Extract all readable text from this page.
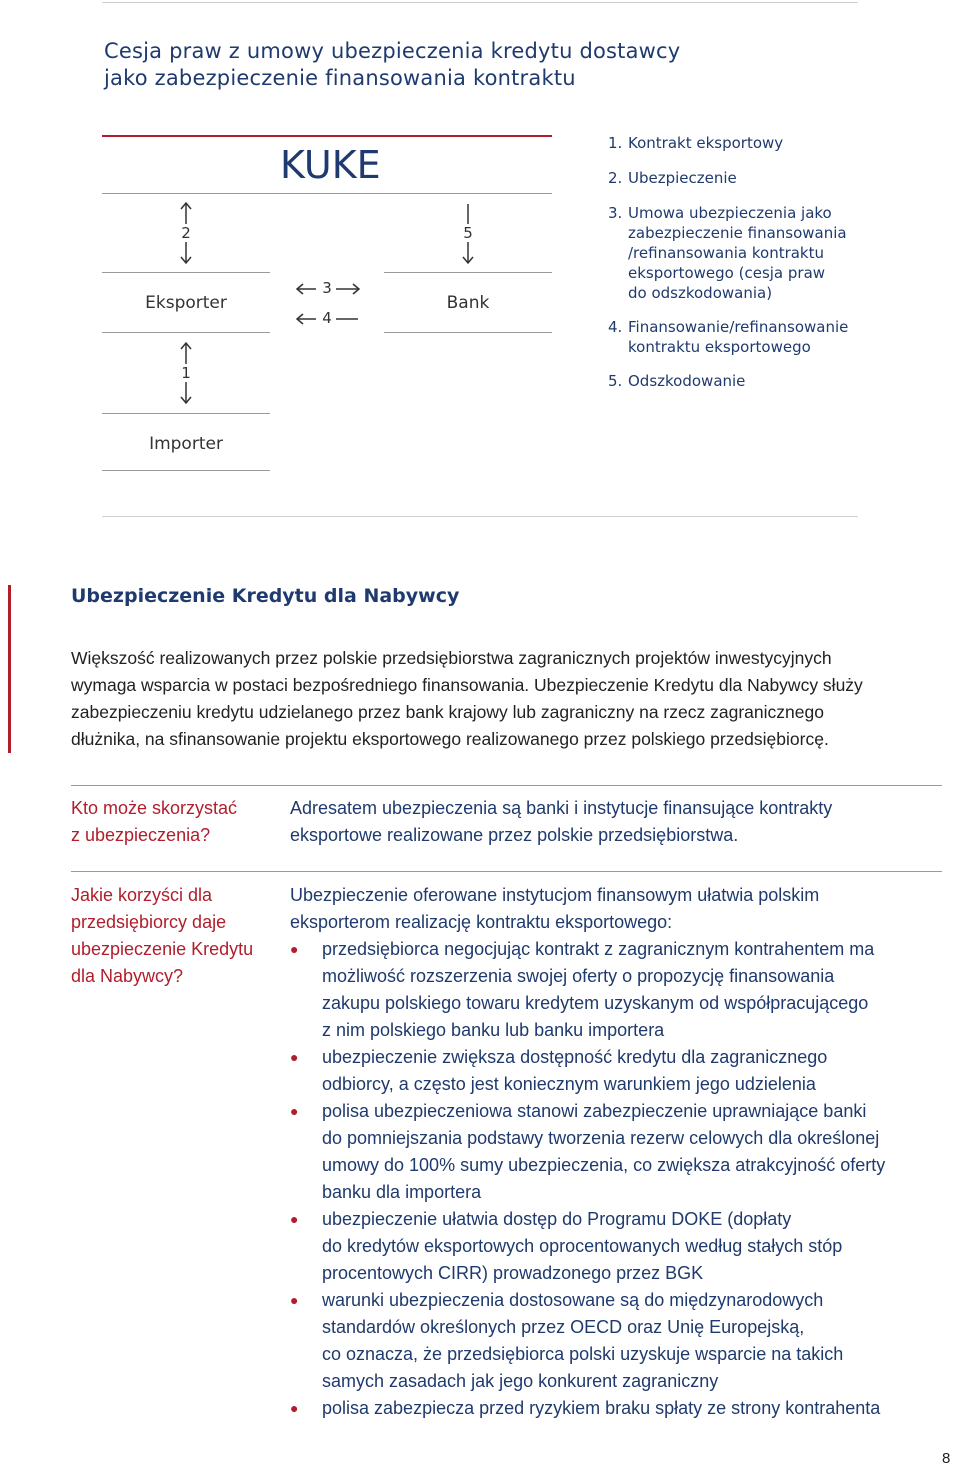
Cesja praw z umowy ubezpieczenia kredytu dostawcy
jako zabezpieczenie finansowania kontraktu
KUKE
2	5
Eksporter	Bank
3
4
1
Importer
1. Kontrakt eksportowy
2. Ubezpieczenie
3. Umowa ubezpieczenia jako
zabezpieczenie finansowania
/refinansowania kontraktu
eksportowego (cesja praw
do odszkodowania)
4. Finansowanie/refinansowanie
kontraktu eksportowego
5. Odszkodowanie
Ubezpieczenie Kredytu dla Nabywcy
Większość realizowanych przez polskie przedsiębiorstwa zagranicznych projektów inwestycyjnych
wymaga wsparcia w postaci bezpośredniego finansowania. Ubezpieczenie Kredytu dla Nabywcy służy
zabezpieczeniu kredytu udzielanego przez bank krajowy lub zagraniczny na rzecz zagranicznego
dłużnika, na sfinansowanie projektu eksportowego realizowanego przez polskiego przedsiębiorcę.
Kto może skorzystać
z ubezpieczenia?
Adresatem ubezpieczenia są banki i instytucje finansujące kontrakty
eksportowe realizowane przez polskie przedsiębiorstwa.
Jakie korzyści dla
przedsiębiorcy daje
ubezpieczenie Kredytu
dla Nabywcy?
Ubezpieczenie oferowane instytucjom finansowym ułatwia polskim
eksporterom realizację kontraktu eksportowego:
● przedsiębiorca negocjując kontrakt z zagranicznym kontrahentem ma
możliwość rozszerzenia swojej oferty o propozycję finansowania
zakupu polskiego towaru kredytem uzyskanym od współpracującego
z nim polskiego banku lub banku importera
● ubezpieczenie zwiększa dostępność kredytu dla zagranicznego
odbiorcy, a często jest koniecznym warunkiem jego udzielenia
● polisa ubezpieczeniowa stanowi zabezpieczenie uprawniające banki
do pomniejszania podstawy tworzenia rezerw celowych dla określonej
umowy do 100% sumy ubezpieczenia, co zwiększa atrakcyjność oferty
banku dla importera
● ubezpieczenie ułatwia dostęp do Programu DOKE (dopłaty
do kredytów eksportowych oprocentowanych według stałych stóp
procentowych CIRR) prowadzonego przez BGK
● warunki ubezpieczenia dostosowane są do międzynarodowych
standardów określonych przez OECD oraz Unię Europejską,
co oznacza, że przedsiębiorca polski uzyskuje wsparcie na takich
samych zasadach jak jego konkurent zagraniczny
● polisa zabezpiecza przed ryzykiem braku spłaty ze strony kontrahenta
8
